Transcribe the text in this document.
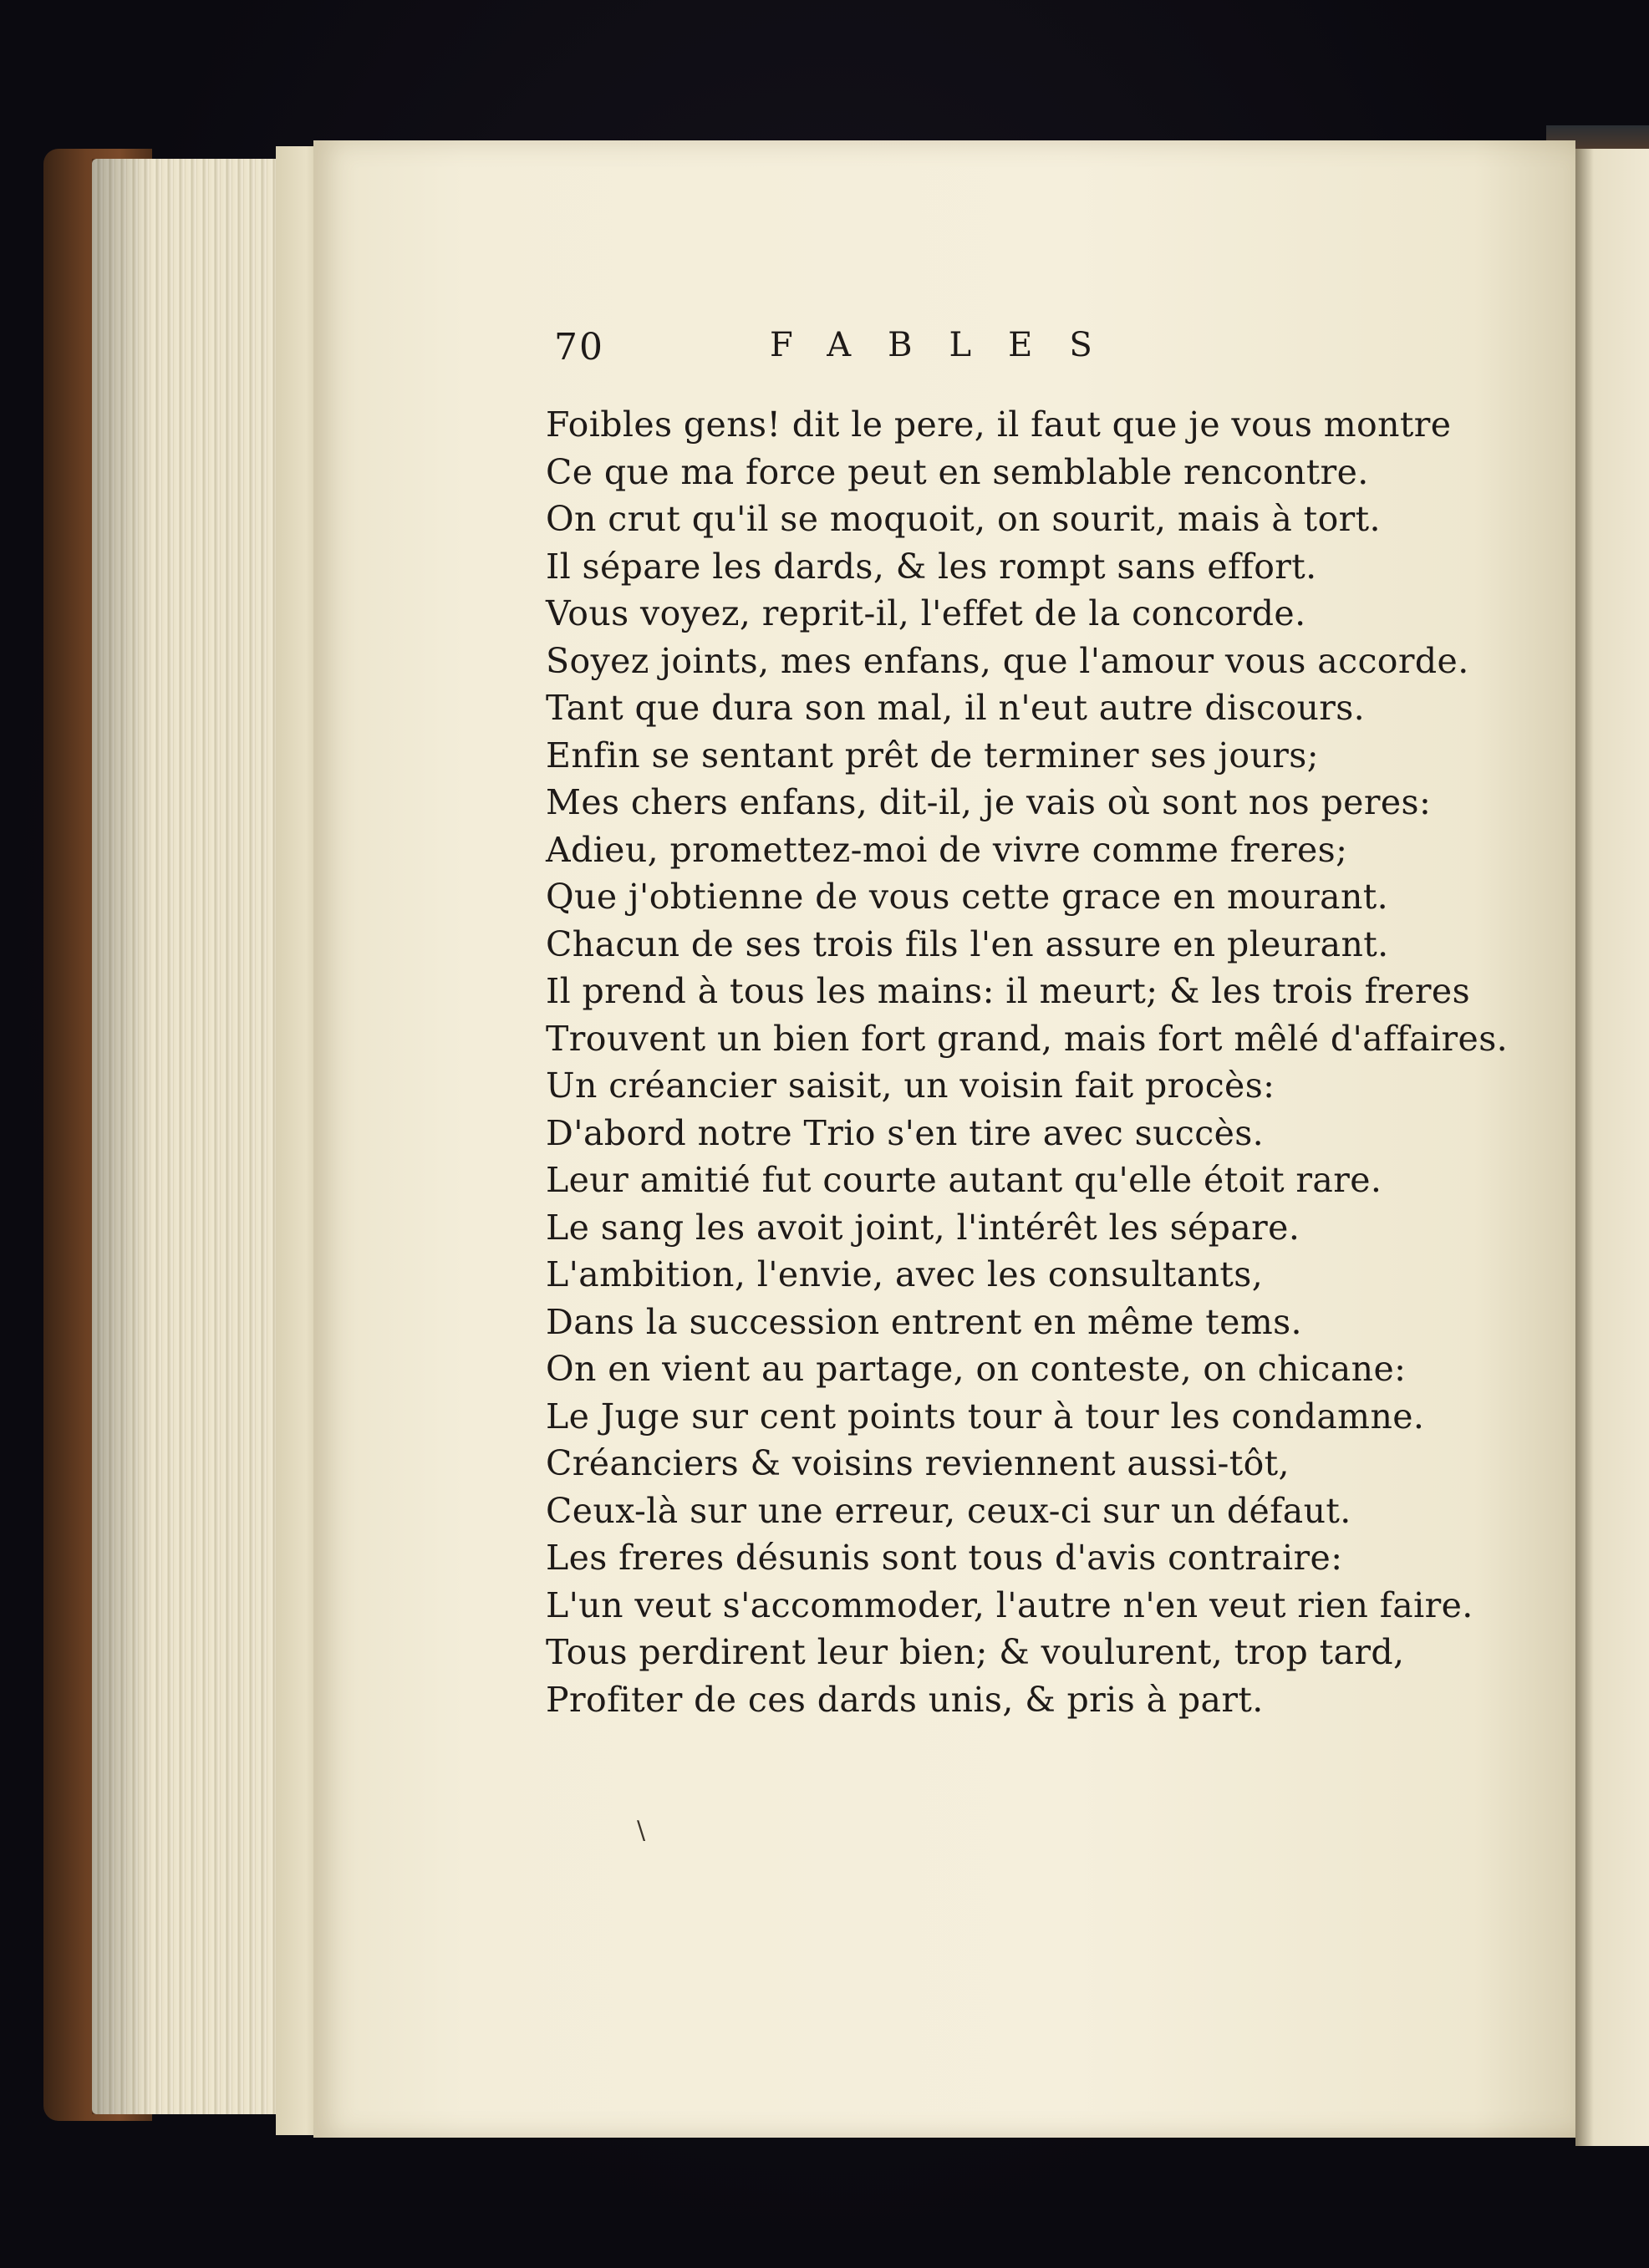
70	FABLES
Foibles gens! dit le pere, il faut que je vous montre
Ce que ma force peut en semblable rencontre.
On crut qu'il se moquoit, on sourit, mais à tort.
Il sépare les dards, & les rompt sans effort.
Vous voyez, reprit-il, l'effet de la concorde.
Soyez joints, mes enfans, que l'amour vous accorde.
Tant que dura son mal, il n'eut autre discours.
Enfin se sentant prêt de terminer ses jours;
Mes chers enfans, dit-il, je vais où sont nos peres:
Adieu, promettez-moi de vivre comme freres;
Que j'obtienne de vous cette grace en mourant.
Chacun de ses trois fils l'en assure en pleurant.
Il prend à tous les mains: il meurt; & les trois freres
Trouvent un bien fort grand, mais fort mêlé d'affaires.
Un créancier saisit, un voisin fait procès:
D'abord notre Trio s'en tire avec succès.
Leur amitié fut courte autant qu'elle étoit rare.
Le sang les avoit joint, l'intérêt les sépare.
L'ambition, l'envie, avec les consultants,
Dans la succession entrent en même tems.
On en vient au partage, on conteste, on chicane:
Le Juge sur cent points tour à tour les condamne.
Créanciers & voisins reviennent aussi-tôt,
Ceux-là sur une erreur, ceux-ci sur un défaut.
Les freres désunis sont tous d'avis contraire:
L'un veut s'accommoder, l'autre n'en veut rien faire.
Tous perdirent leur bien; & voulurent, trop tard,
Profiter de ces dards unis, & pris à part.
\
